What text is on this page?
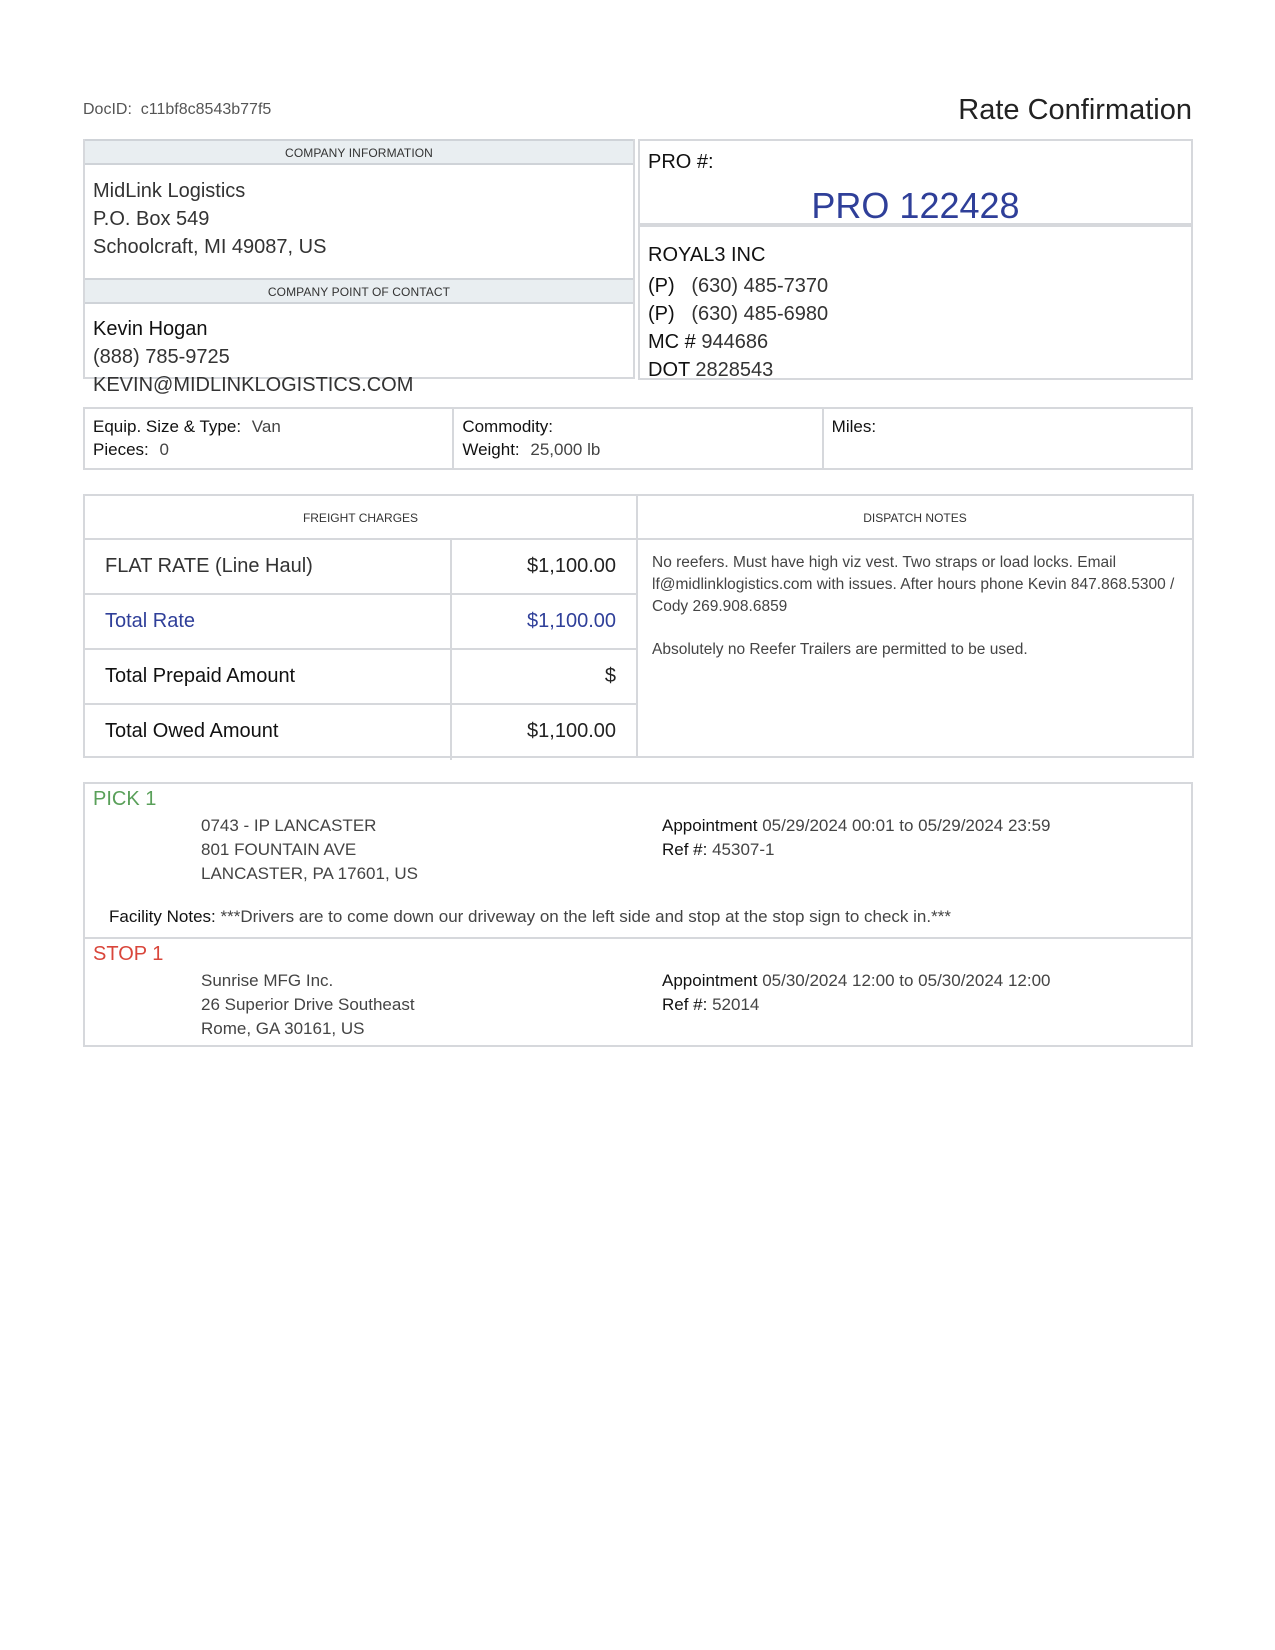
DocID: c11bf8c8543b77f5	Rate Confirmation
COMPANY INFORMATION
MidLink Logistics
P.O. Box 549
Schoolcraft, MI 49087, US
COMPANY POINT OF CONTACT
Kevin Hogan
(888) 785-9725
KEVIN@MIDLINKLOGISTICS.COM
PRO #:
PRO 122428
ROYAL3 INC
(P) (630) 485-7370
(P) (630) 485-6980
MC # 944686
DOT 2828543
Equip. Size & Type: Van
Pieces: 0
Commodity:
Weight: 25,000 lb
Miles:
FREIGHT CHARGES
FLAT RATE (Line Haul)	$1,100.00
Total Rate	$1,100.00
Total Prepaid Amount	$
Total Owed Amount	$1,100.00
DISPATCH NOTES

No reefers. Must have high viz vest. Two straps or load locks. Email lf@midlinklogistics.com with issues. After hours phone Kevin 847.868.5300 / Cody 269.908.6859

Absolutely no Reefer Trailers are permitted to be used.

PICK 1
0743 - IP LANCASTER
801 FOUNTAIN AVE
LANCASTER, PA 17601, US
Appointment 05/29/2024 00:01 to 05/29/2024 23:59
Ref #: 45307-1
Facility Notes: ***Drivers are to come down our driveway on the left side and stop at the stop sign to check in.***
STOP 1
Sunrise MFG Inc.
26 Superior Drive Southeast
Rome, GA 30161, US
Appointment 05/30/2024 12:00 to 05/30/2024 12:00
Ref #: 52014
